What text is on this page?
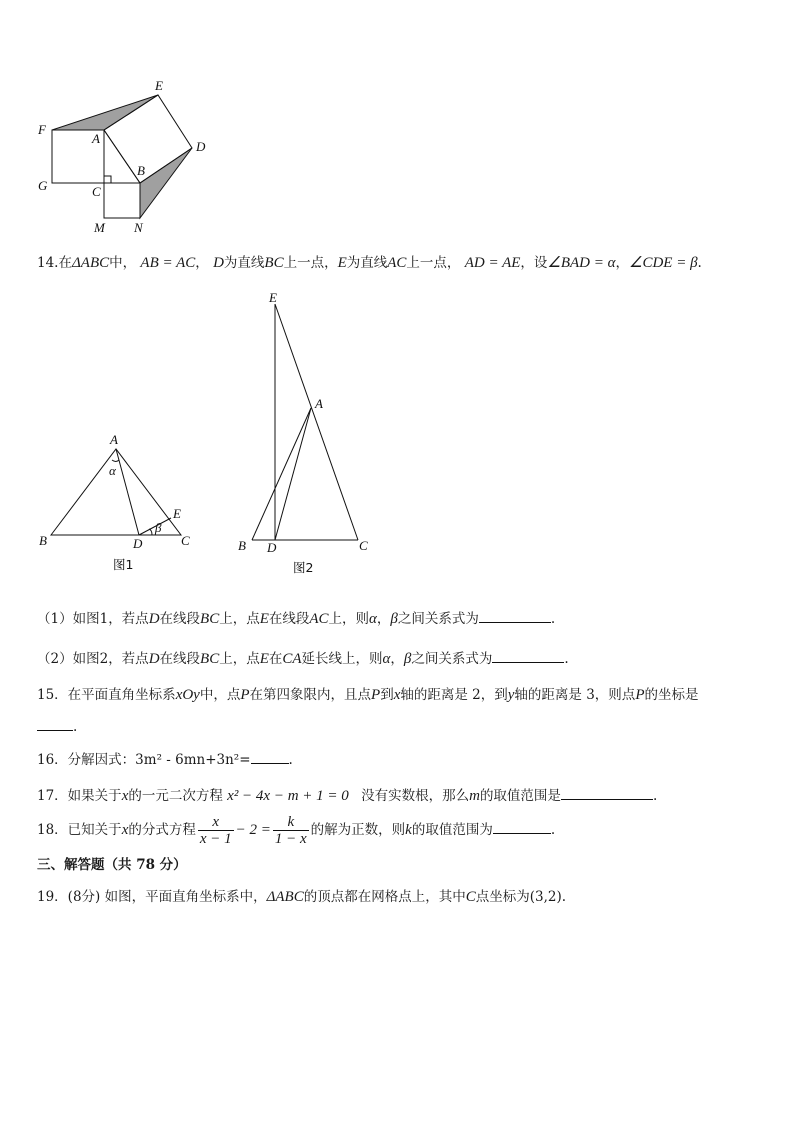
E
F
A
D
G	C
B
M N
14.在ΔABC中， AB = AC， D为直线BC上一点，E为直线AC上一点， AD = AE，设∠BAD = α，∠CDE = β.
A
α
B	D
E
β
C
图1
E
A
B D	C
图2
（1）如图1，若点D在线段BC上，点E在线段AC上，则α，β之间关系式为	.
（2）如图2，若点D在线段BC上，点E在CA延长线上，则α，β之间关系式为	.
15．在平面直角坐标系xOy中，点P在第四象限内，且点P到x轴的距离是 2，到y轴的距离是 3，则点P的坐标是
.
16．分解因式：3m² - 6mn+3n²=	.
17．如果关于x的一元二次方程 x² − 4x − m + 1 = 0 没有实数根，那么m的取值范围是	.
18．已知关于x的分式方程 $\frac{x}{x - 1} - 2 = \frac{k}{1 - x}$ 的解为正数，则k的取值范围为	.
三、解答题（共 78 分）
19．(8分) 如图，平面直角坐标系中，ΔABC的顶点都在网格点上，其中C点坐标为(3,2).
